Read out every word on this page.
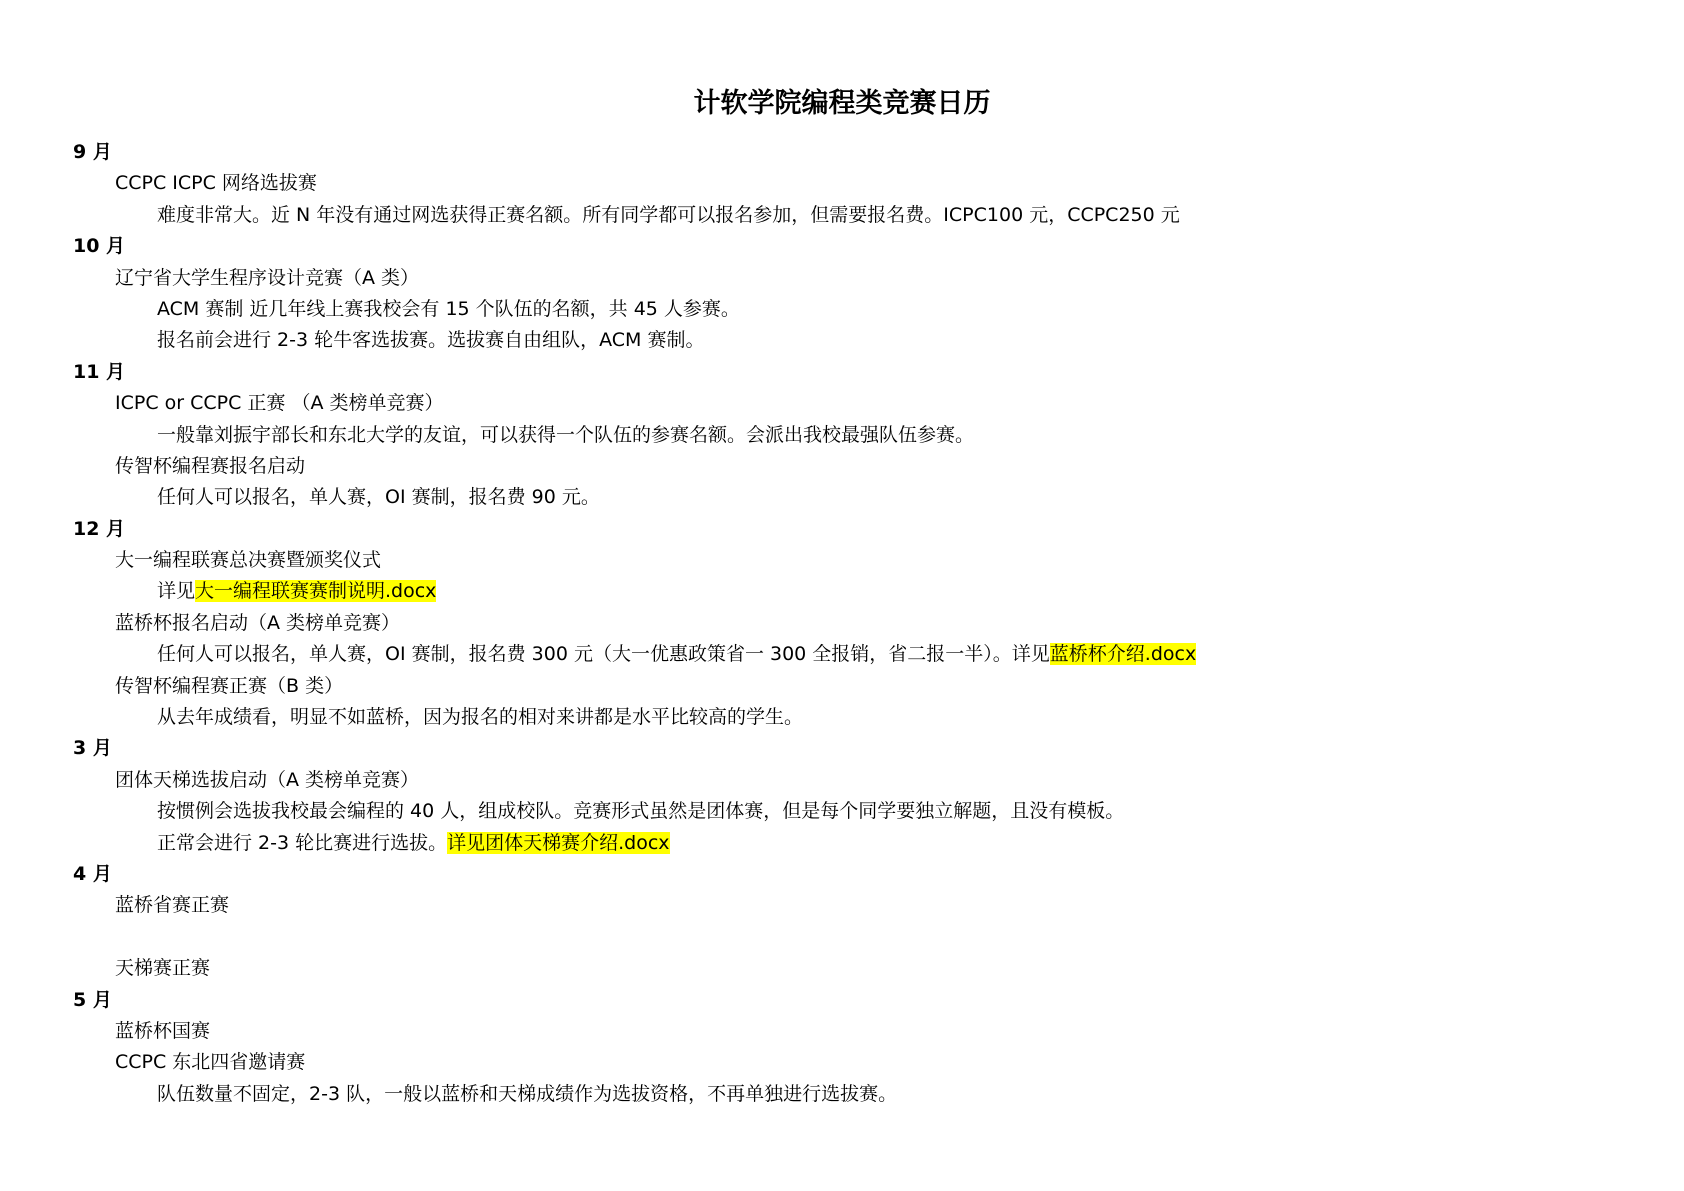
计软学院编程类竞赛日历
9 月
CCPC ICPC 网络选拔赛
难度非常大。近 N 年没有通过网选获得正赛名额。所有同学都可以报名参加，但需要报名费。ICPC100 元，CCPC250 元
10 月
辽宁省大学生程序设计竞赛（A 类）
ACM 赛制 近几年线上赛我校会有 15 个队伍的名额，共 45 人参赛。
报名前会进行 2-3 轮牛客选拔赛。选拔赛自由组队，ACM 赛制。
11 月
ICPC or CCPC 正赛 （A 类榜单竞赛）
一般靠刘振宇部长和东北大学的友谊，可以获得一个队伍的参赛名额。会派出我校最强队伍参赛。
传智杯编程赛报名启动
任何人可以报名，单人赛，OI 赛制，报名费 90 元。
12 月
大一编程联赛总决赛暨颁奖仪式
详见大一编程联赛赛制说明.docx
蓝桥杯报名启动（A 类榜单竞赛）
任何人可以报名，单人赛，OI 赛制，报名费 300 元（大一优惠政策省一 300 全报销，省二报一半）。详见蓝桥杯介绍.docx
传智杯编程赛正赛（B 类）
从去年成绩看，明显不如蓝桥，因为报名的相对来讲都是水平比较高的学生。
3 月
团体天梯选拔启动（A 类榜单竞赛）
按惯例会选拔我校最会编程的 40 人，组成校队。竞赛形式虽然是团体赛，但是每个同学要独立解题，且没有模板。
正常会进行 2-3 轮比赛进行选拔。详见团体天梯赛介绍.docx
4 月
蓝桥省赛正赛
天梯赛正赛
5 月
蓝桥杯国赛
CCPC 东北四省邀请赛
队伍数量不固定，2-3 队，一般以蓝桥和天梯成绩作为选拔资格，不再单独进行选拔赛。
